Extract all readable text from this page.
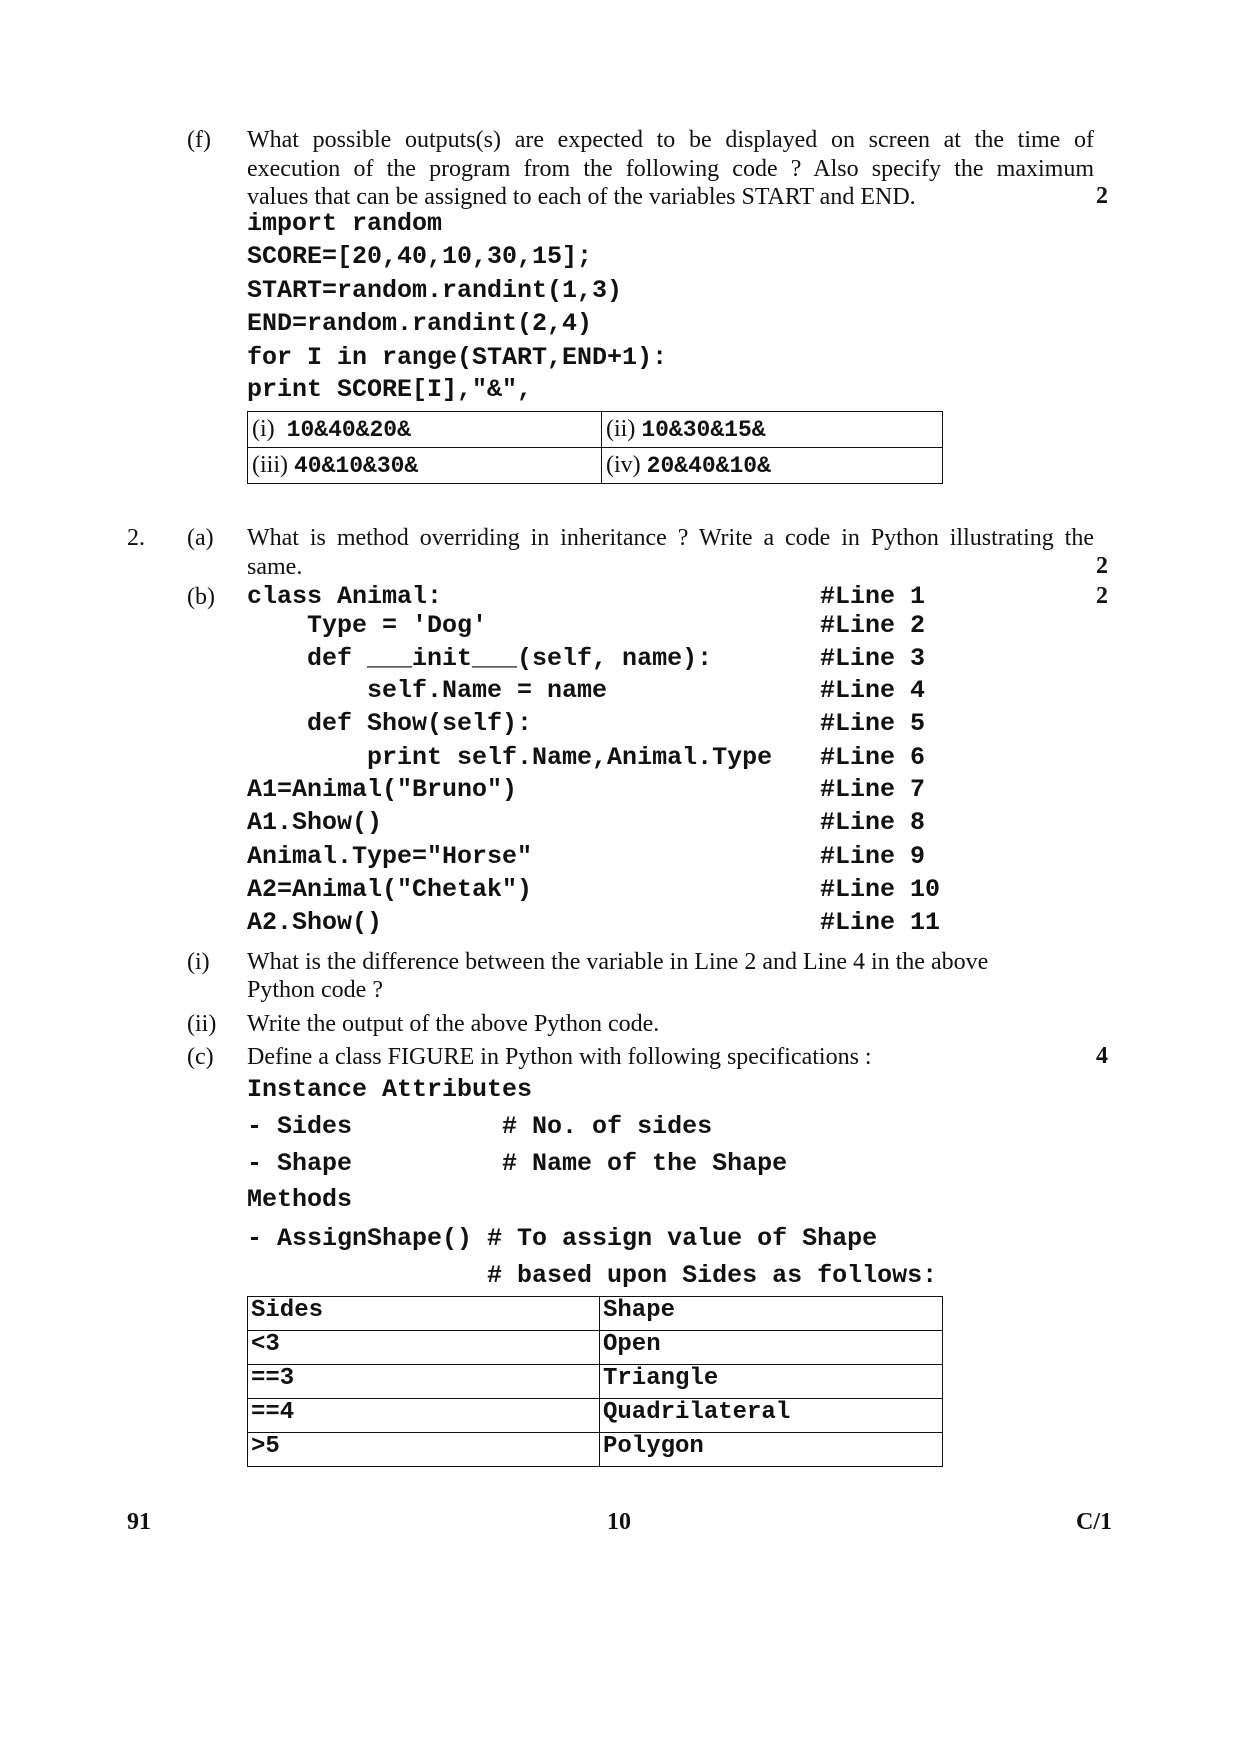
(f) What possible outputs(s) are expected to be displayed on screen at the time of
execution of the program from the following code ? Also specify the maximum
values that can be assigned to each of the variables START and END.	2
import random
SCORE=[20,40,10,30,15];
START=random.randint(1,3)
END=random.randint(2,4)
for I in range(START,END+1):
print SCORE[I],"&",
(i) 10&40&20&	(ii) 10&30&15&
(iii) 40&10&30&	(iv) 20&40&10&
2. (a) What is method overriding in inheritance ? Write a code in Python illustrating the
same.	2
(b)	2
class Animal:	#Line 1
Type = 'Dog'	#Line 2
def ___init___(self, name):	#Line 3
self.Name = name	#Line 4
def Show(self):	#Line 5
print self.Name,Animal.Type #Line 6
A1=Animal("Bruno")	#Line 7
A1.Show()	#Line 8
Animal.Type="Horse"	#Line 9
A2=Animal("Chetak")	#Line 10
A2.Show()	#Line 11
(i) What is the difference between the variable in Line 2 and Line 4 in the above
Python code ?
(ii) Write the output of the above Python code.
(c) Define a class FIGURE in Python with following specifications :	4
Instance Attributes
- Sides          # No. of sides
- Shape          # Name of the Shape
Methods
- AssignShape() # To assign value of Shape
# based upon Sides as follows:
Sides	Shape
<3	Open
==3	Triangle
==4	Quadrilateral
>5	Polygon
91	10	C/1
